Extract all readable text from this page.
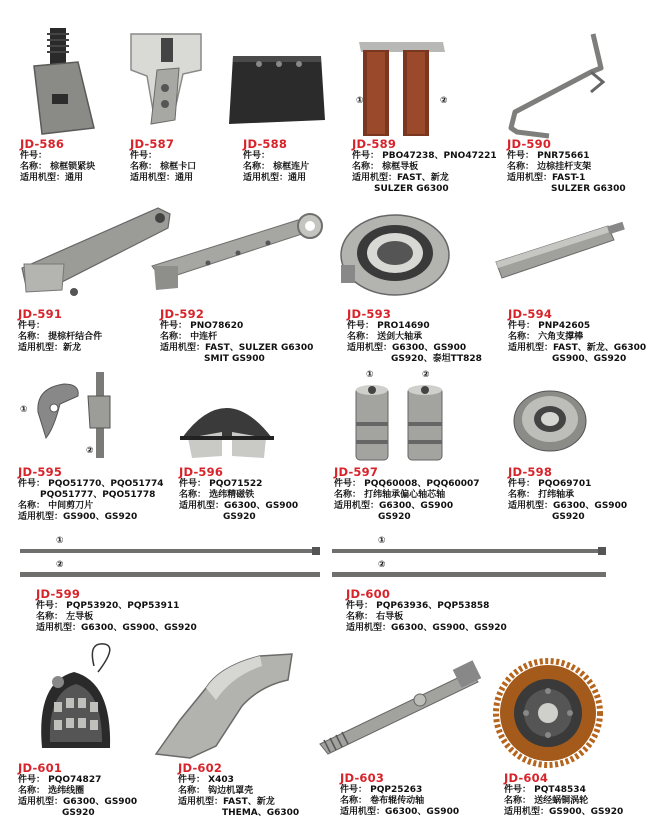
JD-586
件号：
名称： 棕框锁紧块
适用机型：通用
JD-587
件号：
名称： 棕框卡口
适用机型：通用
JD-588
件号：
名称： 棕框连片
适用机型：通用
①	②
JD-589
件号： PBO47238、PNO47221
名称： 棕框导板
适用机型：FAST、新龙
SULZER G6300
JD-590
件号： PNR75661
名称： 边棕挂杆支架
适用机型：FAST-1
SULZER G6300
JD-591
件号：
名称： 提棕杆结合件
适用机型：新龙
JD-592
件号： PNO78620
名称： 中连杆
适用机型：FAST、SULZER G6300
SMIT GS900
JD-593
件号： PRO14690
名称： 送剑大轴承
适用机型：G6300、GS900
GS920、泰坦TT828
JD-594
件号： PNP42605
名称： 六角支撑棒
适用机型：FAST、新龙、G6300
GS900、GS920
①
②
JD-595
件号： PQO51770、PQO51774
PQO51777、PQO51778
名称： 中间剪刀片
适用机型：GS900、GS920
JD-596
件号： PQO71522
名称： 选纬精磁铁
适用机型：G6300、GS900
GS920
①	②
JD-597
件号： PQQ60008、PQQ60007
名称： 打纬轴承偏心轴芯轴
适用机型：G6300、GS900
GS920
JD-598
件号： PQO69701
名称： 打纬轴承
适用机型：G6300、GS900
GS920
①
②
JD-599
件号： PQP53920、PQP53911
名称： 左导板
适用机型：G6300、GS900、GS920
①
②
JD-600
件号： PQP63936、PQP53858
名称： 右导板
适用机型：G6300、GS900、GS920
JD-601
件号： PQO74827
名称： 选纬线圈
适用机型：G6300、GS900
GS920
JD-602
件号： X403
名称： 钩边机罩壳
适用机型：FAST、新龙
THEMA、G6300
JD-603
件号： PQP25263
名称： 卷布辊传动轴
适用机型：G6300、GS900
JD-604
件号： PQT48534
名称： 送经蜗铜涡轮
适用机型：GS900、GS920
